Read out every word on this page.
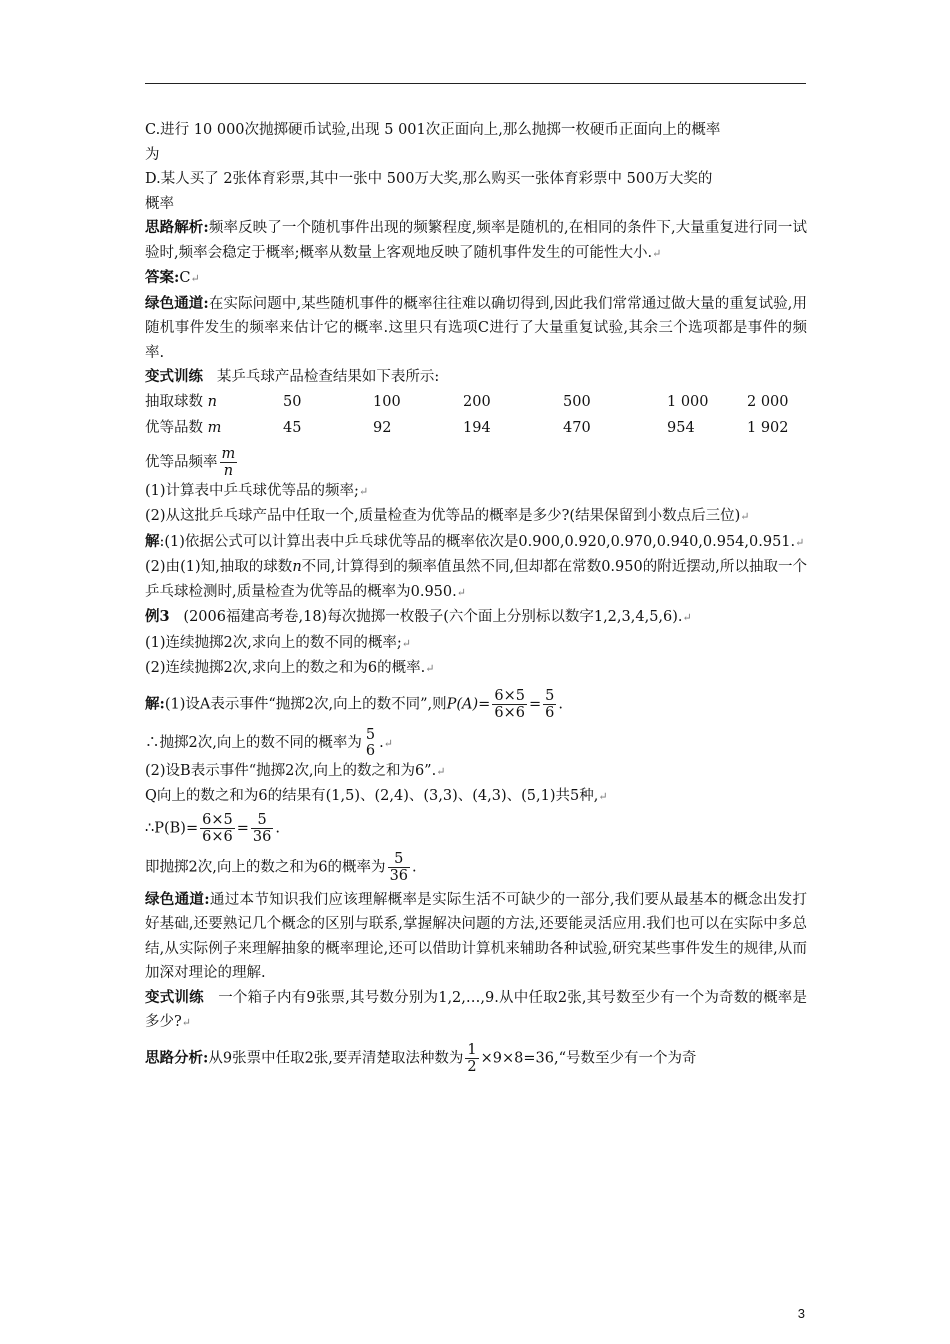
C.进行 10 000次抛掷硬币试验,出现 5 001次正面向上,那么抛掷一枚硬币正面向上的概率

为

D.某人买了 2张体育彩票,其中一张中 500万大奖,那么购买一张体育彩票中 500万大奖的

概率

思路解析:频率反映了一个随机事件出现的频繁程度,频率是随机的,在相同的条件下,大量重复进行同一试验时,频率会稳定于概率;概率从数量上客观地反映了随机事件发生的可能性大小.↵

答案:C↵

绿色通道:在实际问题中,某些随机事件的概率往往难以确切得到,因此我们常常通过做大量的重复试验,用随机事件发生的频率来估计它的概率.这里只有选项C进行了大量重复试验,其余三个选项都是事件的频率.

变式训练 某乒乓球产品检查结果如下表所示:

抽取球数 n	50	100	200	500	1 000	2 000
优等品数 m	45	92	194	470	954	1 902

优等品频率 $\frac{m}{n}$

(1)计算表中乒乓球优等品的频率;↵

(2)从这批乒乓球产品中任取一个,质量检查为优等品的概率是多少?(结果保留到小数点后三位)↵

解:(1)依据公式可以计算出表中乒乓球优等品的概率依次是0.900,0.920,0.970,0.940,0.954,0.951.↵

(2)由(1)知,抽取的球数n不同,计算得到的频率值虽然不同,但却都在常数0.950的附近摆动,所以抽取一个乒乓球检测时,质量检查为优等品的概率为0.950.↵

例3 (2006福建高考卷,18)每次抛掷一枚骰子(六个面上分别标以数字1,2,3,4,5,6).↵

(1)连续抛掷2次,求向上的数不同的概率;↵

(2)连续抛掷2次,求向上的数之和为6的概率.↵

解:(1)设A表示事件“抛掷2次,向上的数不同”,则$P(A)= \frac{6\times 5}{6\times 6} = \frac{5}{6}$ .

∴抛掷2次,向上的数不同的概率为 5
6 .↵

(2)设B表示事件“抛掷2次,向上的数之和为6”.↵

Q向上的数之和为6的结果有(1,5)、(2,4)、(3,3)、(4,3)、(5,1)共5种,↵

∴P(B)= $\frac{6\times 5}{6\times 6} = \frac{5}{36}$ .

即抛掷2次,向上的数之和为6的概率为 $\frac{5}{36}$ .

绿色通道:通过本节知识我们应该理解概率是实际生活不可缺少的一部分,我们要从最基本的概念出发打好基础,还要熟记几个概念的区别与联系,掌握解决问题的方法,还要能灵活应用.我们也可以在实际中多总结,从实际例子来理解抽象的概率理论,还可以借助计算机来辅助各种试验,研究某些事件发生的规律,从而加深对理论的理解.

变式训练 一个箱子内有9张票,其号数分别为1,2,…,9.从中任取2张,其号数至少有一个为奇数的概率是多少?↵

思路分析:从9张票中任取2张,要弄清楚取法种数为 $\frac{1}{2}$ ×9×8=36,“号数至少有一个为奇

3
